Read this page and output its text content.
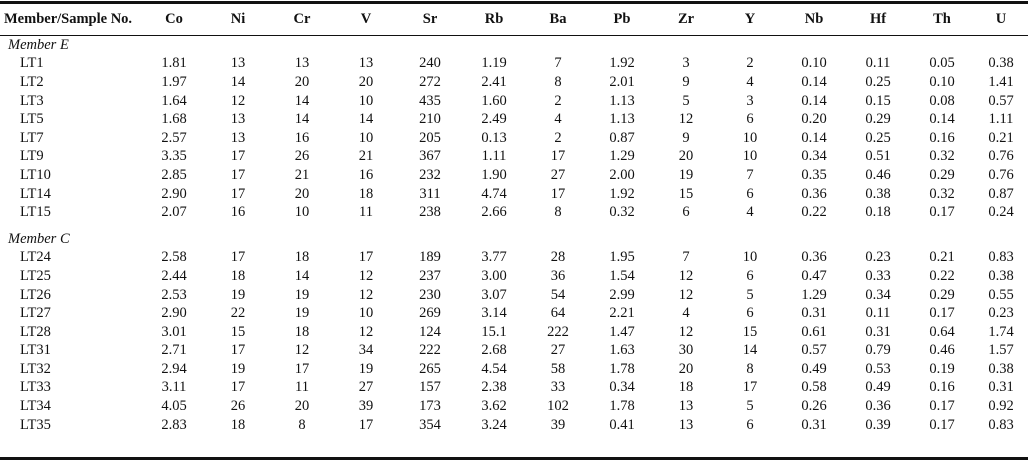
Member/Sample No.	Co	Ni	Cr	V	Sr	Rb	Ba	Pb	Zr	Y	Nb	Hf	Th	U
Member E														
LT1	1.81	13	13	13	240	1.19	7	1.92	3	2	0.10	0.11	0.05	0.38
LT2	1.97	14	20	20	272	2.41	8	2.01	9	4	0.14	0.25	0.10	1.41
LT3	1.64	12	14	10	435	1.60	2	1.13	5	3	0.14	0.15	0.08	0.57
LT5	1.68	13	14	14	210	2.49	4	1.13	12	6	0.20	0.29	0.14	1.11
LT7	2.57	13	16	10	205	0.13	2	0.87	9	10	0.14	0.25	0.16	0.21
LT9	3.35	17	26	21	367	1.11	17	1.29	20	10	0.34	0.51	0.32	0.76
LT10	2.85	17	21	16	232	1.90	27	2.00	19	7	0.35	0.46	0.29	0.76
LT14	2.90	17	20	18	311	4.74	17	1.92	15	6	0.36	0.38	0.32	0.87
LT15	2.07	16	10	11	238	2.66	8	0.32	6	4	0.22	0.18	0.17	0.24

Member C														
LT24	2.58	17	18	17	189	3.77	28	1.95	7	10	0.36	0.23	0.21	0.83
LT25	2.44	18	14	12	237	3.00	36	1.54	12	6	0.47	0.33	0.22	0.38
LT26	2.53	19	19	12	230	3.07	54	2.99	12	5	1.29	0.34	0.29	0.55
LT27	2.90	22	19	10	269	3.14	64	2.21	4	6	0.31	0.11	0.17	0.23
LT28	3.01	15	18	12	124	15.1	222	1.47	12	15	0.61	0.31	0.64	1.74
LT31	2.71	17	12	34	222	2.68	27	1.63	30	14	0.57	0.79	0.46	1.57
LT32	2.94	19	17	19	265	4.54	58	1.78	20	8	0.49	0.53	0.19	0.38
LT33	3.11	17	11	27	157	2.38	33	0.34	18	17	0.58	0.49	0.16	0.31
LT34	4.05	26	20	39	173	3.62	102	1.78	13	5	0.26	0.36	0.17	0.92
LT35	2.83	18	8	17	354	3.24	39	0.41	13	6	0.31	0.39	0.17	0.83
